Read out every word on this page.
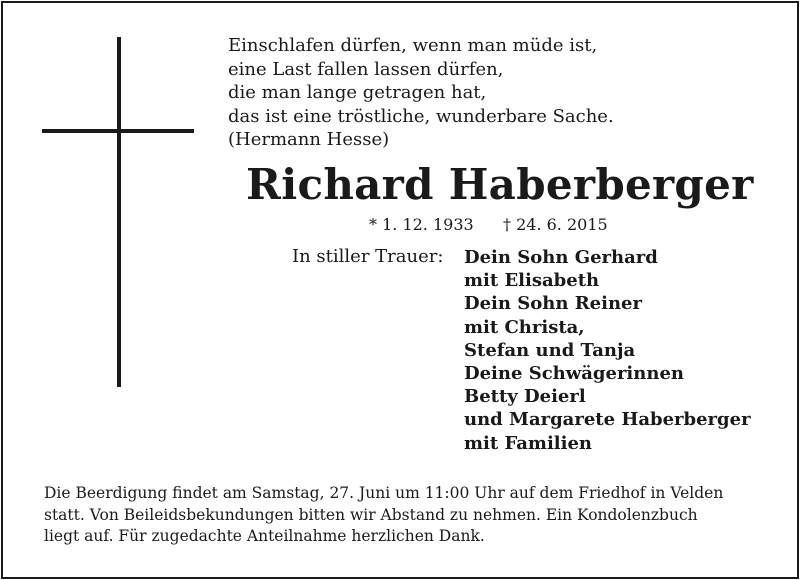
Einschlafen dürfen, wenn man müde ist,
eine Last fallen lassen dürfen,
die man lange getragen hat,
das ist eine tröstliche, wunderbare Sache.
(Hermann Hesse)
Richard Haberberger
* 1. 12. 1933 † 24. 6. 2015
In stiller Trauer: Dein Sohn Gerhard
mit Elisabeth
Dein Sohn Reiner
mit Christa,
Stefan und Tanja
Deine Schwägerinnen
Betty Deierl
und Margarete Haberberger
mit Familien
Die Beerdigung findet am Samstag, 27. Juni um 11:00 Uhr auf dem Friedhof in Velden
statt. Von Beileidsbekundungen bitten wir Abstand zu nehmen. Ein Kondolenzbuch
liegt auf. Für zugedachte Anteilnahme herzlichen Dank.
